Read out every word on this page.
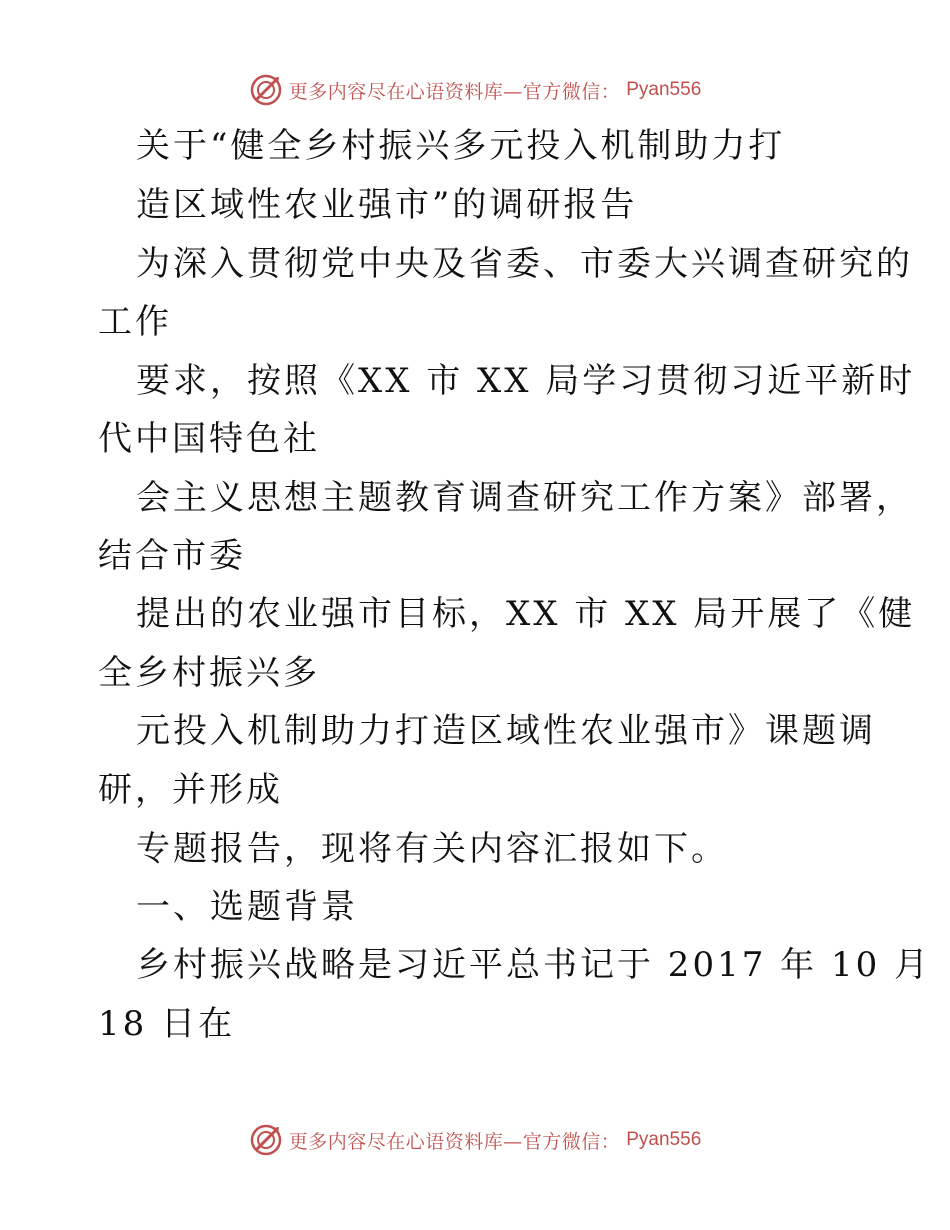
更多内容尽在心语资料库—官方微信： Pyan556
关于“健全乡村振兴多元投入机制助力打
造区域性农业强市”的调研报告
为深入贯彻党中央及省委、市委大兴调查研究的
工作
要求，按照《XX 市 XX 局学习贯彻习近平新时
代中国特色社
会主义思想主题教育调查研究工作方案》部署，
结合市委
提出的农业强市目标，XX 市 XX 局开展了《健
全乡村振兴多
元投入机制助力打造区域性农业强市》课题调
研，并形成
专题报告，现将有关内容汇报如下。
一、选题背景
乡村振兴战略是习近平总书记于 2017 年 10 月
18 日在
更多内容尽在心语资料库—官方微信： Pyan556
